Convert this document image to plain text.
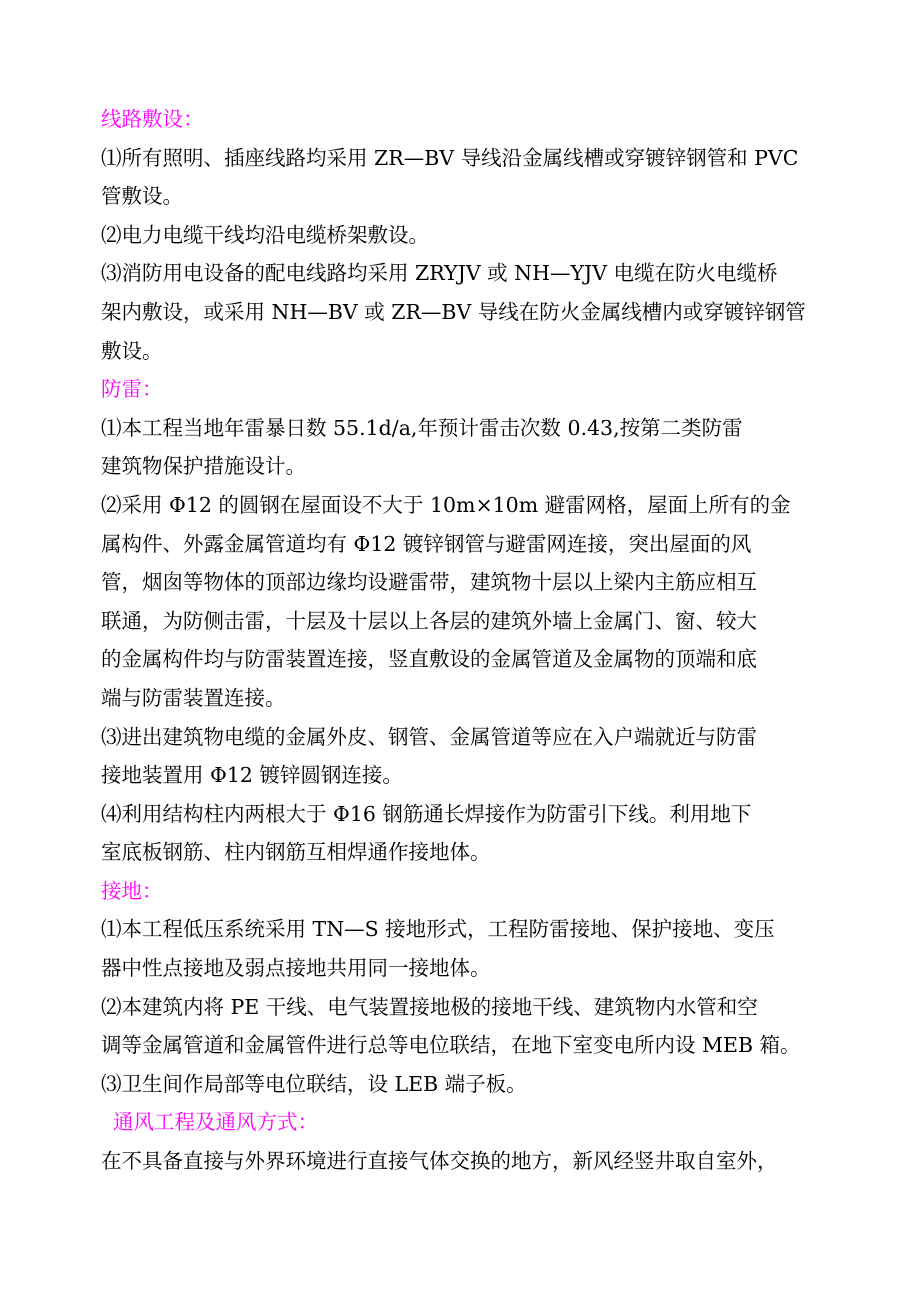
线路敷设：
⑴所有照明、插座线路均采用 ZR—BV 导线沿金属线槽或穿镀锌钢管和 PVC
管敷设。
⑵电力电缆干线均沿电缆桥架敷设。
⑶消防用电设备的配电线路均采用 ZRYJV 或 NH—YJV 电缆在防火电缆桥
架内敷设，或采用 NH—BV 或 ZR—BV 导线在防火金属线槽内或穿镀锌钢管
敷设。
防雷：
⑴本工程当地年雷暴日数 55.1d/a,年预计雷击次数 0.43,按第二类防雷
建筑物保护措施设计。
⑵采用 Φ12 的圆钢在屋面设不大于 10m×10m 避雷网格，屋面上所有的金
属构件、外露金属管道均有 Φ12 镀锌钢管与避雷网连接，突出屋面的风
管，烟囱等物体的顶部边缘均设避雷带，建筑物十层以上梁内主筋应相互
联通，为防侧击雷，十层及十层以上各层的建筑外墙上金属门、窗、较大
的金属构件均与防雷装置连接，竖直敷设的金属管道及金属物的顶端和底
端与防雷装置连接。
⑶进出建筑物电缆的金属外皮、钢管、金属管道等应在入户端就近与防雷
接地装置用 Φ12 镀锌圆钢连接。
⑷利用结构柱内两根大于 Φ16 钢筋通长焊接作为防雷引下线。利用地下
室底板钢筋、柱内钢筋互相焊通作接地体。
接地：
⑴本工程低压系统采用 TN—S 接地形式，工程防雷接地、保护接地、变压
器中性点接地及弱点接地共用同一接地体。
⑵本建筑内将 PE 干线、电气装置接地极的接地干线、建筑物内水管和空
调等金属管道和金属管件进行总等电位联结，在地下室变电所内设 MEB 箱。
⑶卫生间作局部等电位联结，设 LEB 端子板。
通风工程及通风方式：
在不具备直接与外界环境进行直接气体交换的地方，新风经竖井取自室外，
